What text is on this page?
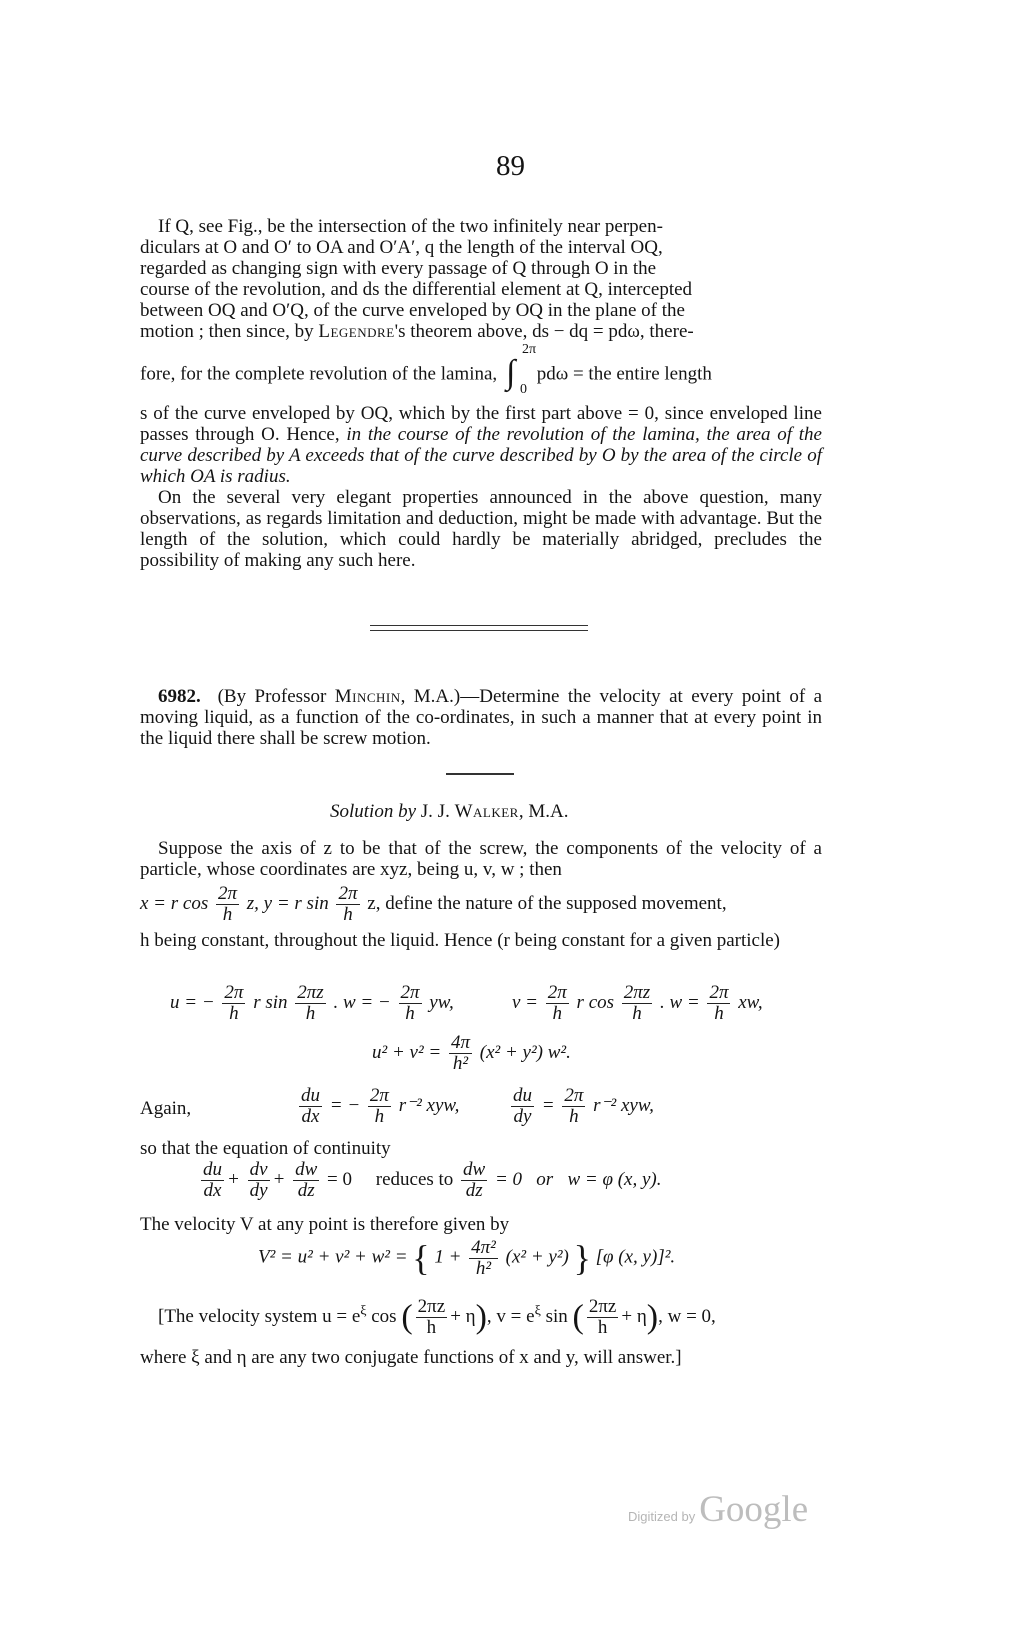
89
If Q, see Fig., be the intersection of the two infinitely near perpen-
diculars at O and O′ to OA and O′A′, q the length of the interval OQ,
regarded as changing sign with every passage of Q through O in the
course of the revolution, and ds the differential element at Q, intercepted
between OQ and O′Q, of the curve enveloped by OQ in the plane of the
motion ; then since, by Legendre's theorem above, ds − dq = pdω, there-
fore, for the complete revolution of the lamina, ∫
2π
0
pdω = the entire length

s of the curve enveloped by OQ, which by the first part above = 0, since enveloped line passes through O. Hence, in the course of the revolution of the lamina, the area of the curve described by A exceeds that of the curve described by O by the area of the circle of which OA is radius.

On the several very elegant properties announced in the above question, many observations, as regards limitation and deduction, might be made with advantage. But the length of the solution, which could hardly be materially abridged, precludes the possibility of making any such here.

6982. (By Professor Minchin, M.A.)—Determine the velocity at every point of a moving liquid, as a function of the co-ordinates, in such a manner that at every point in the liquid there shall be screw motion.

Solution by J. J. Walker, M.A.

Suppose the axis of z to be that of the screw, the components of the velocity of a particle, whose coordinates are xyz, being u, v, w ; then

x = r $\cos \frac{2\pi}{h} z$, y = r $\sin \frac{2\pi}{h} z$, define the nature of the supposed movement,

h being constant, throughout the liquid. Hence (r being constant for a given particle)

u = − $\frac{2\pi}{h}$ r $\sin \frac{2\pi z}{h}$ . w = − $\frac{2\pi}{h}$ yw,	$v = \frac{2\pi}{h}$ r $\cos \frac{2\pi z}{h}$ . $w = \frac{2\pi}{h}$ xw,
$u^2 + v^2 = \frac{4\pi}{\text{h²}} (x^2 + y^2)$ w².
Again,	$\frac{du}{dx}$ = − $\frac{2\pi}{h} r^{-2}$ xyw,	$\frac{du}{dy} = \frac{2\pi}{h} r^{-2}$ xyw,
so that the equation of continuity
$\frac{du}{dx} + \frac{dv}{dy} + \frac{dw}{dz} = 0$     reduces to $\frac{dw}{dz} = 0$   or   w = φ (x, y).
The velocity V at any point is therefore given by
V² = u² + v² + w² = { $1 + \frac{\text{4π²}}{\text{h²}} (x^2 + y^2)$ } [φ (x, y)]².
[The velocity system $u = e^\xi$ cos ( $\frac{2\pi z}{h} + \eta$), $v = e^\xi$ sin ( $\frac{2\pi z}{h} + \eta$), w = 0,
where ξ and η are any two conjugate functions of x and y, will answer.]
Digitized by Google
